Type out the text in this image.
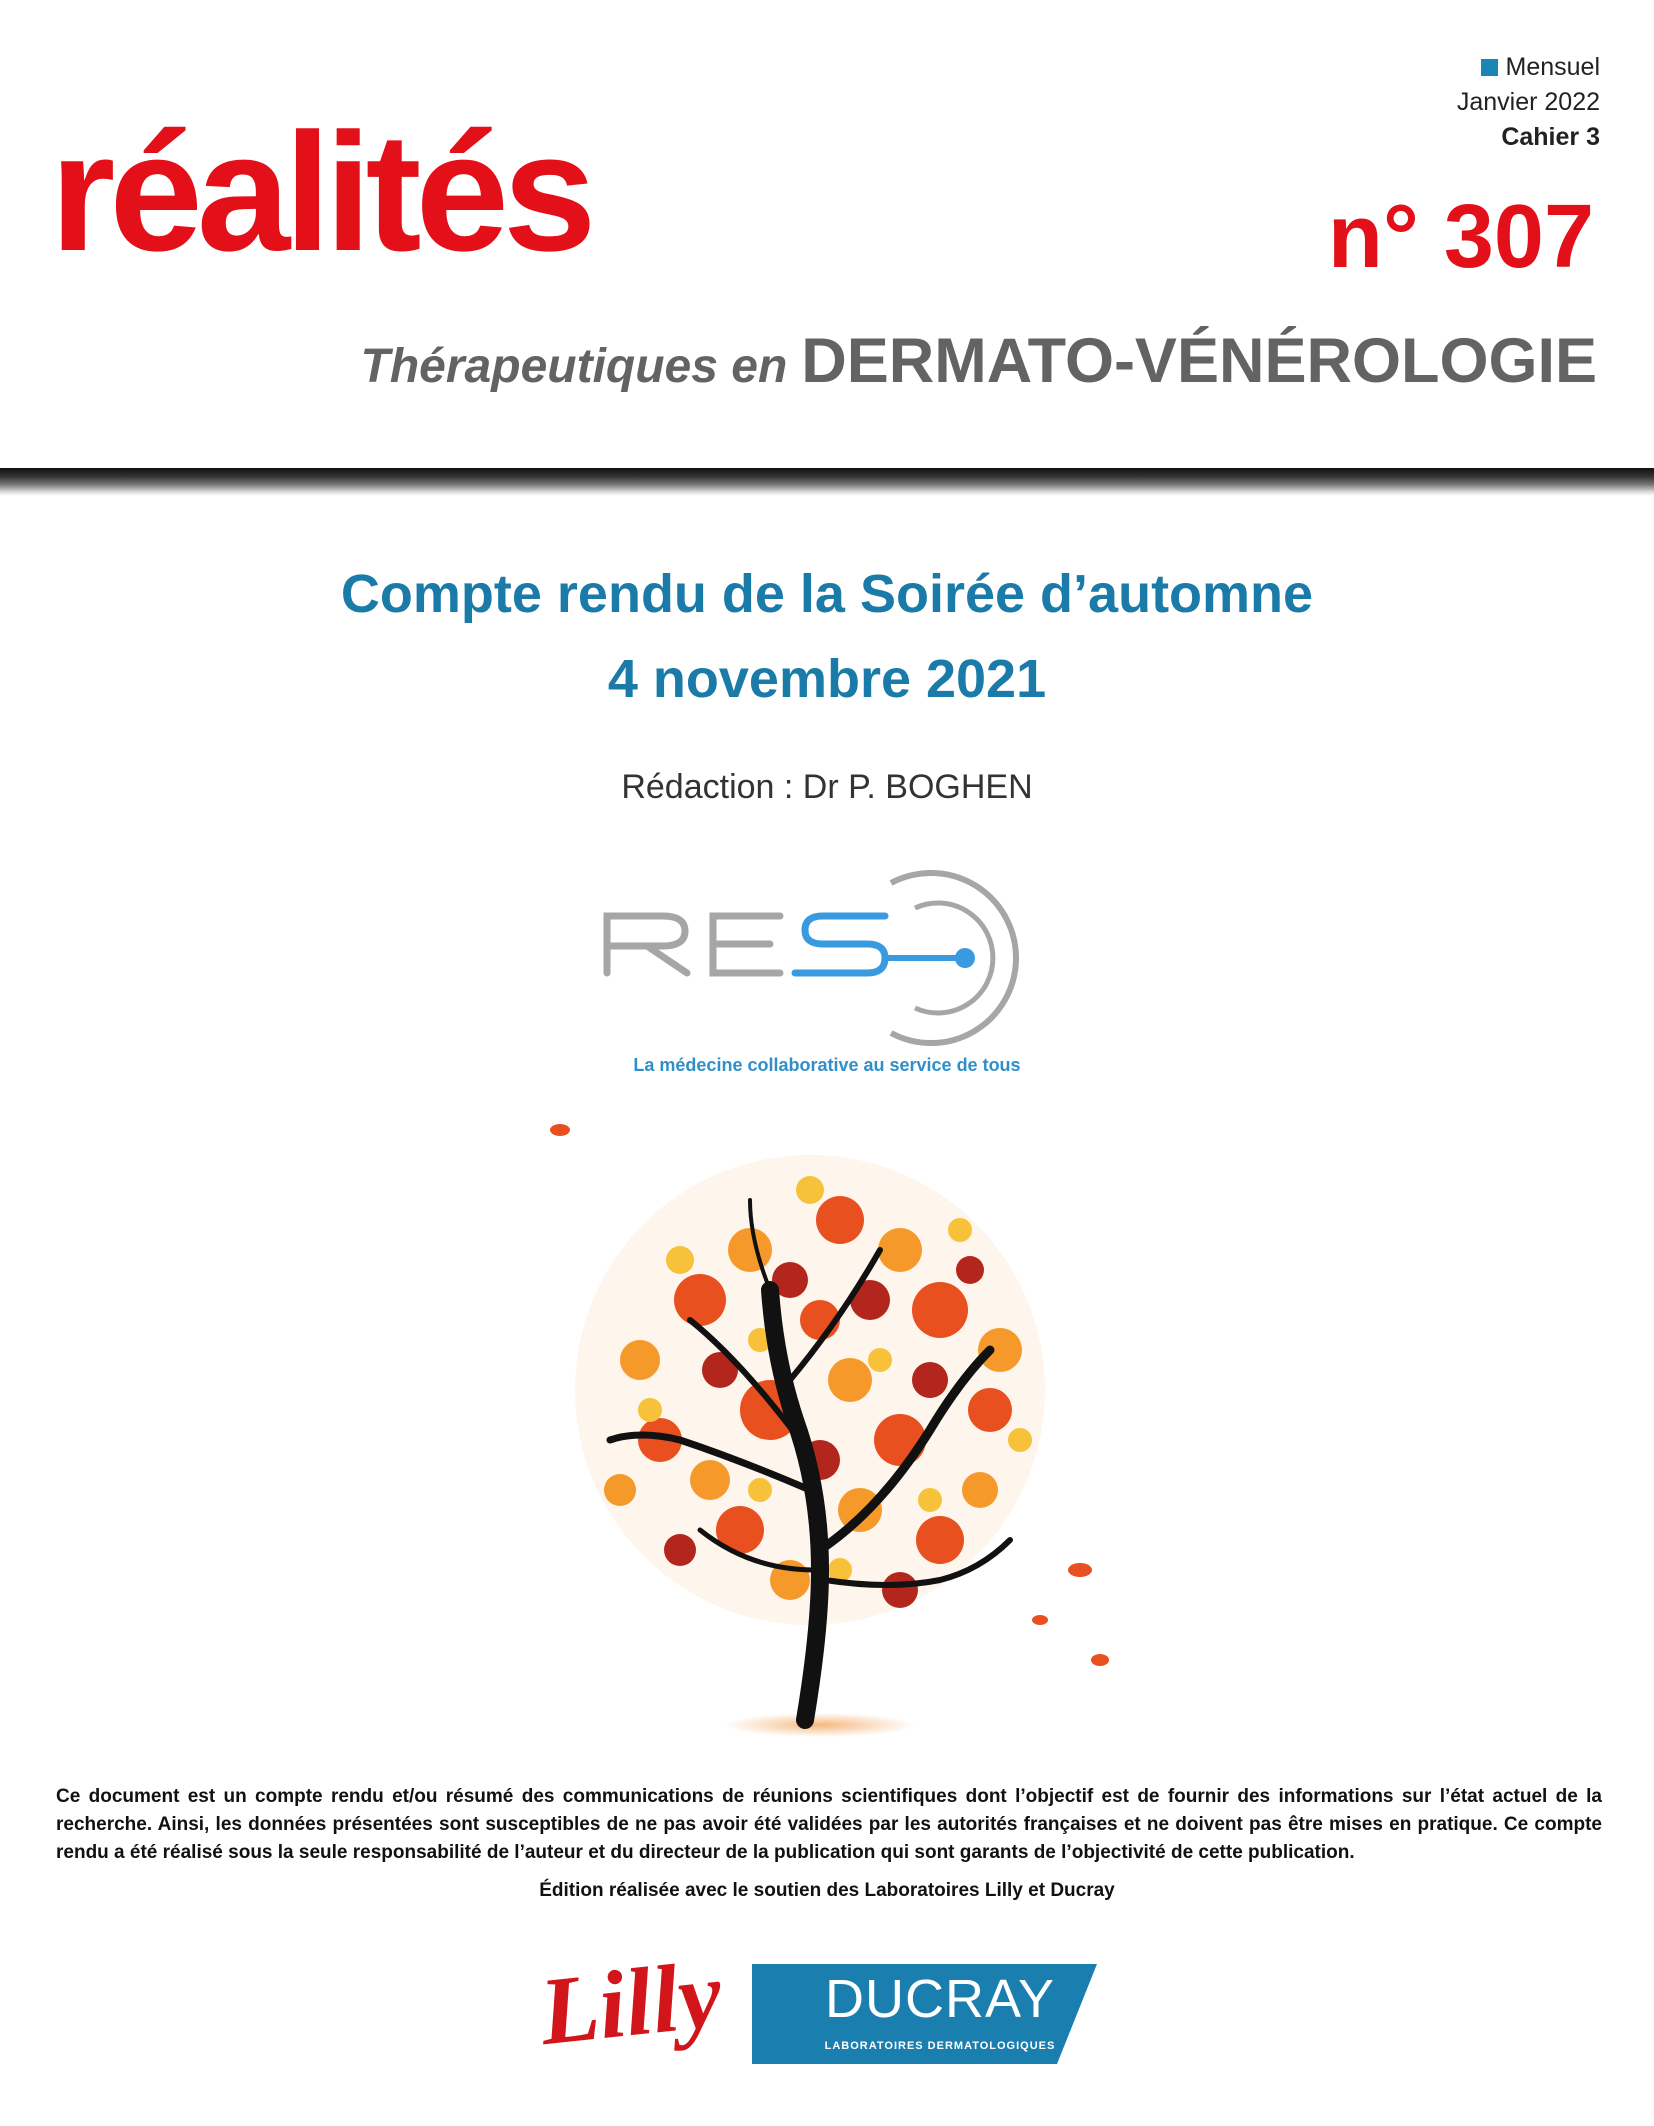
Mensuel
Janvier 2022
Cahier 3
réalités	n° 307
Thérapeutiques en DERMATO-VÉNÉROLOGIE
Compte rendu de la Soirée d’automne
4 novembre 2021
Rédaction : Dr P. BOGHEN
La médecine collaborative au service de tous
Ce document est un compte rendu et/ou résumé des communications de réunions scientifiques dont l’objectif est de fournir des informations sur l’état actuel de la recherche. Ainsi, les données présentées sont susceptibles de ne pas avoir été validées par les autorités françaises et ne doivent pas être mises en pratique. Ce compte rendu a été réalisé sous la seule responsabilité de l’auteur et du directeur de la publication qui sont garants de l’objectivité de cette publication.
Édition réalisée avec le soutien des Laboratoires Lilly et Ducray
Lilly	DUCRAY
LABORATOIRES DERMATOLOGIQUES
